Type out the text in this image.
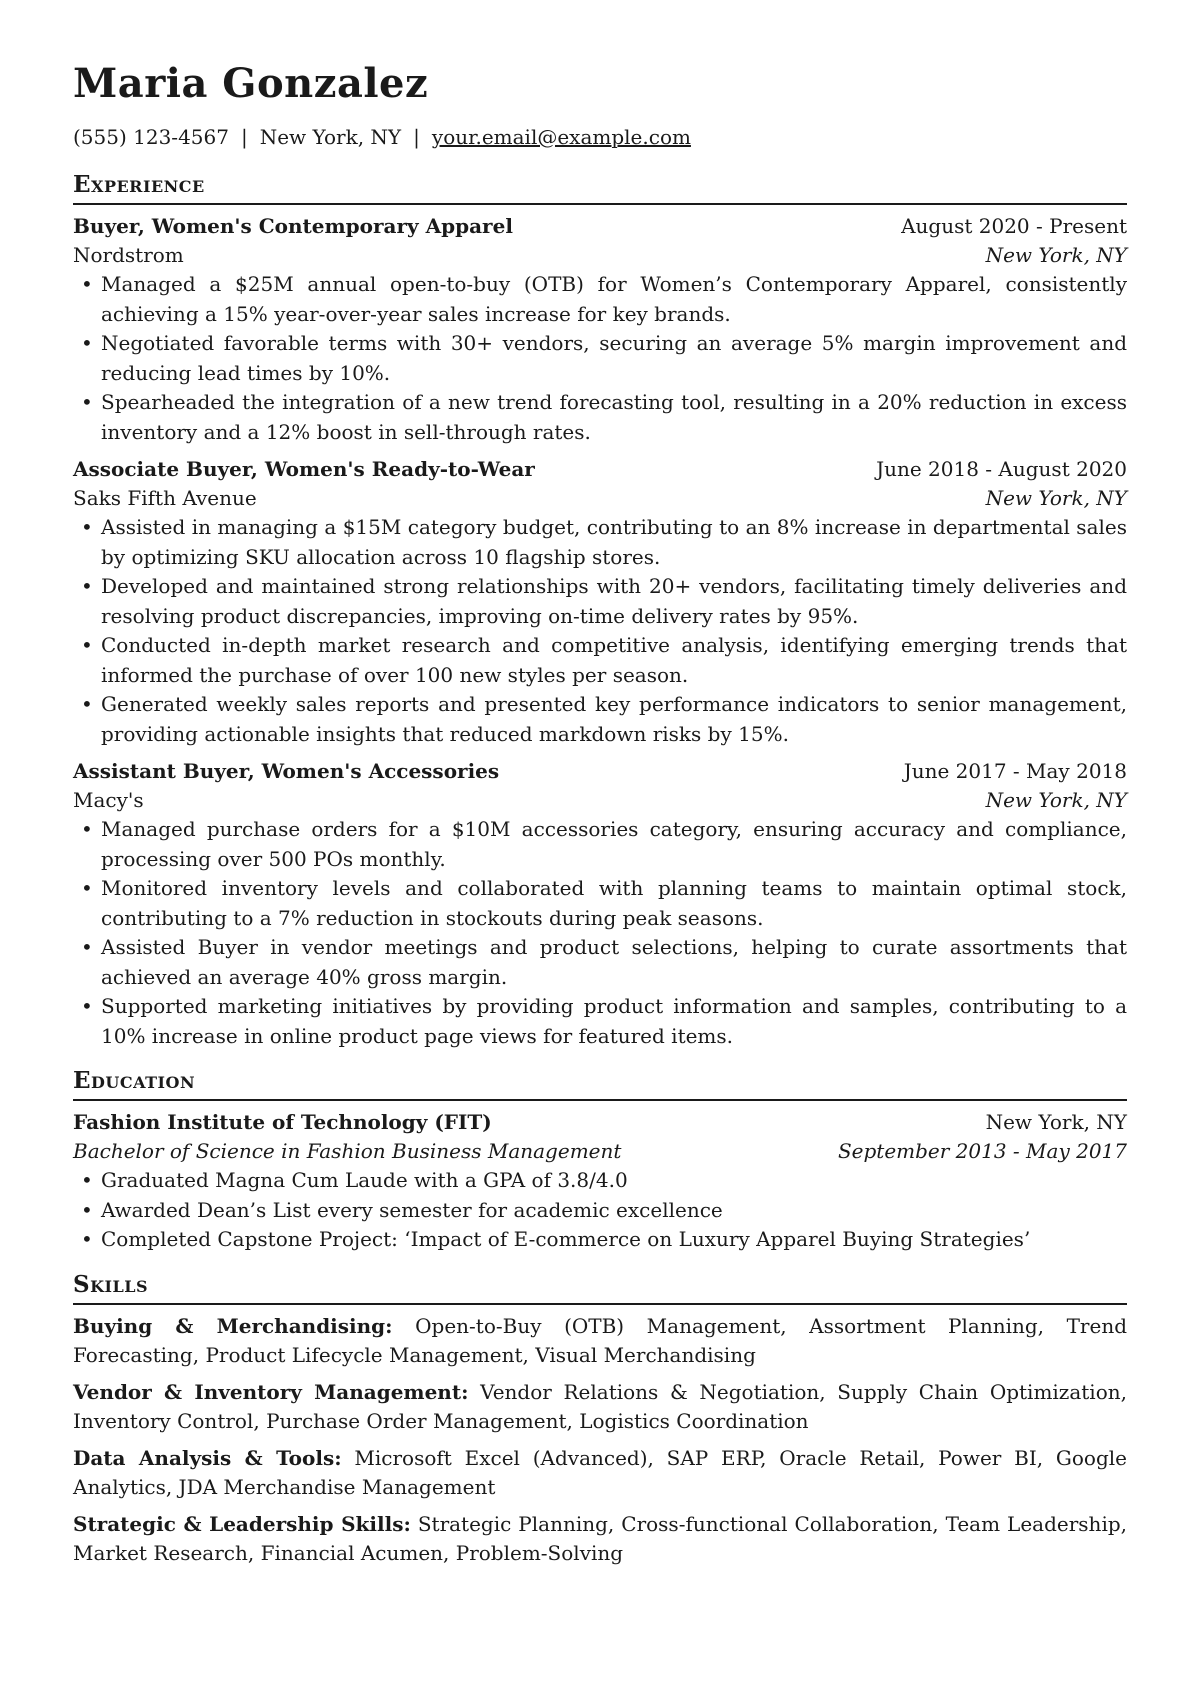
Maria Gonzalez
(555) 123-4567 | New York, NY | your.email@example.com
Experience
Buyer, Women's Contemporary Apparel	August 2020 - Present
Nordstrom	New York, NY
• Managed a $25M annual open-to-buy (OTB) for Women’s Contemporary Apparel, consistently achieving a 15% year-over-year sales increase for key brands.
• Negotiated favorable terms with 30+ vendors, securing an average 5% margin improvement and reducing lead times by 10%.
• Spearheaded the integration of a new trend forecasting tool, resulting in a 20% reduction in excess inventory and a 12% boost in sell-through rates.
Associate Buyer, Women's Ready-to-Wear	June 2018 - August 2020
Saks Fifth Avenue	New York, NY
• Assisted in managing a $15M category budget, contributing to an 8% increase in departmental sales by optimizing SKU allocation across 10 flagship stores.
• Developed and maintained strong relationships with 20+ vendors, facilitating timely deliveries and resolving product discrepancies, improving on-time delivery rates by 95%.
• Conducted in-depth market research and competitive analysis, identifying emerging trends that informed the purchase of over 100 new styles per season.
• Generated weekly sales reports and presented key performance indicators to senior management, providing actionable insights that reduced markdown risks by 15%.
Assistant Buyer, Women's Accessories	June 2017 - May 2018
Macy's	New York, NY
• Managed purchase orders for a $10M accessories category, ensuring accuracy and compliance, processing over 500 POs monthly.
• Monitored inventory levels and collaborated with planning teams to maintain optimal stock, contributing to a 7% reduction in stockouts during peak seasons.
• Assisted Buyer in vendor meetings and product selections, helping to curate assortments that achieved an average 40% gross margin.
• Supported marketing initiatives by providing product information and samples, contributing to a 10% increase in online product page views for featured items.
Education
Fashion Institute of Technology (FIT)	New York, NY
Bachelor of Science in Fashion Business Management	September 2013 - May 2017
• Graduated Magna Cum Laude with a GPA of 3.8/4.0
• Awarded Dean’s List every semester for academic excellence
• Completed Capstone Project: ‘Impact of E-commerce on Luxury Apparel Buying Strategies’
Skills
Buying & Merchandising: Open-to-Buy (OTB) Management, Assortment Planning, Trend Forecasting, Product Lifecycle Management, Visual Merchandising
Vendor & Inventory Management: Vendor Relations & Negotiation, Supply Chain Optimization, Inventory Control, Purchase Order Management, Logistics Coordination
Data Analysis & Tools: Microsoft Excel (Advanced), SAP ERP, Oracle Retail, Power BI, Google Analytics, JDA Merchandise Management
Strategic & Leadership Skills: Strategic Planning, Cross-functional Collaboration, Team Leadership, Market Research, Financial Acumen, Problem-Solving
